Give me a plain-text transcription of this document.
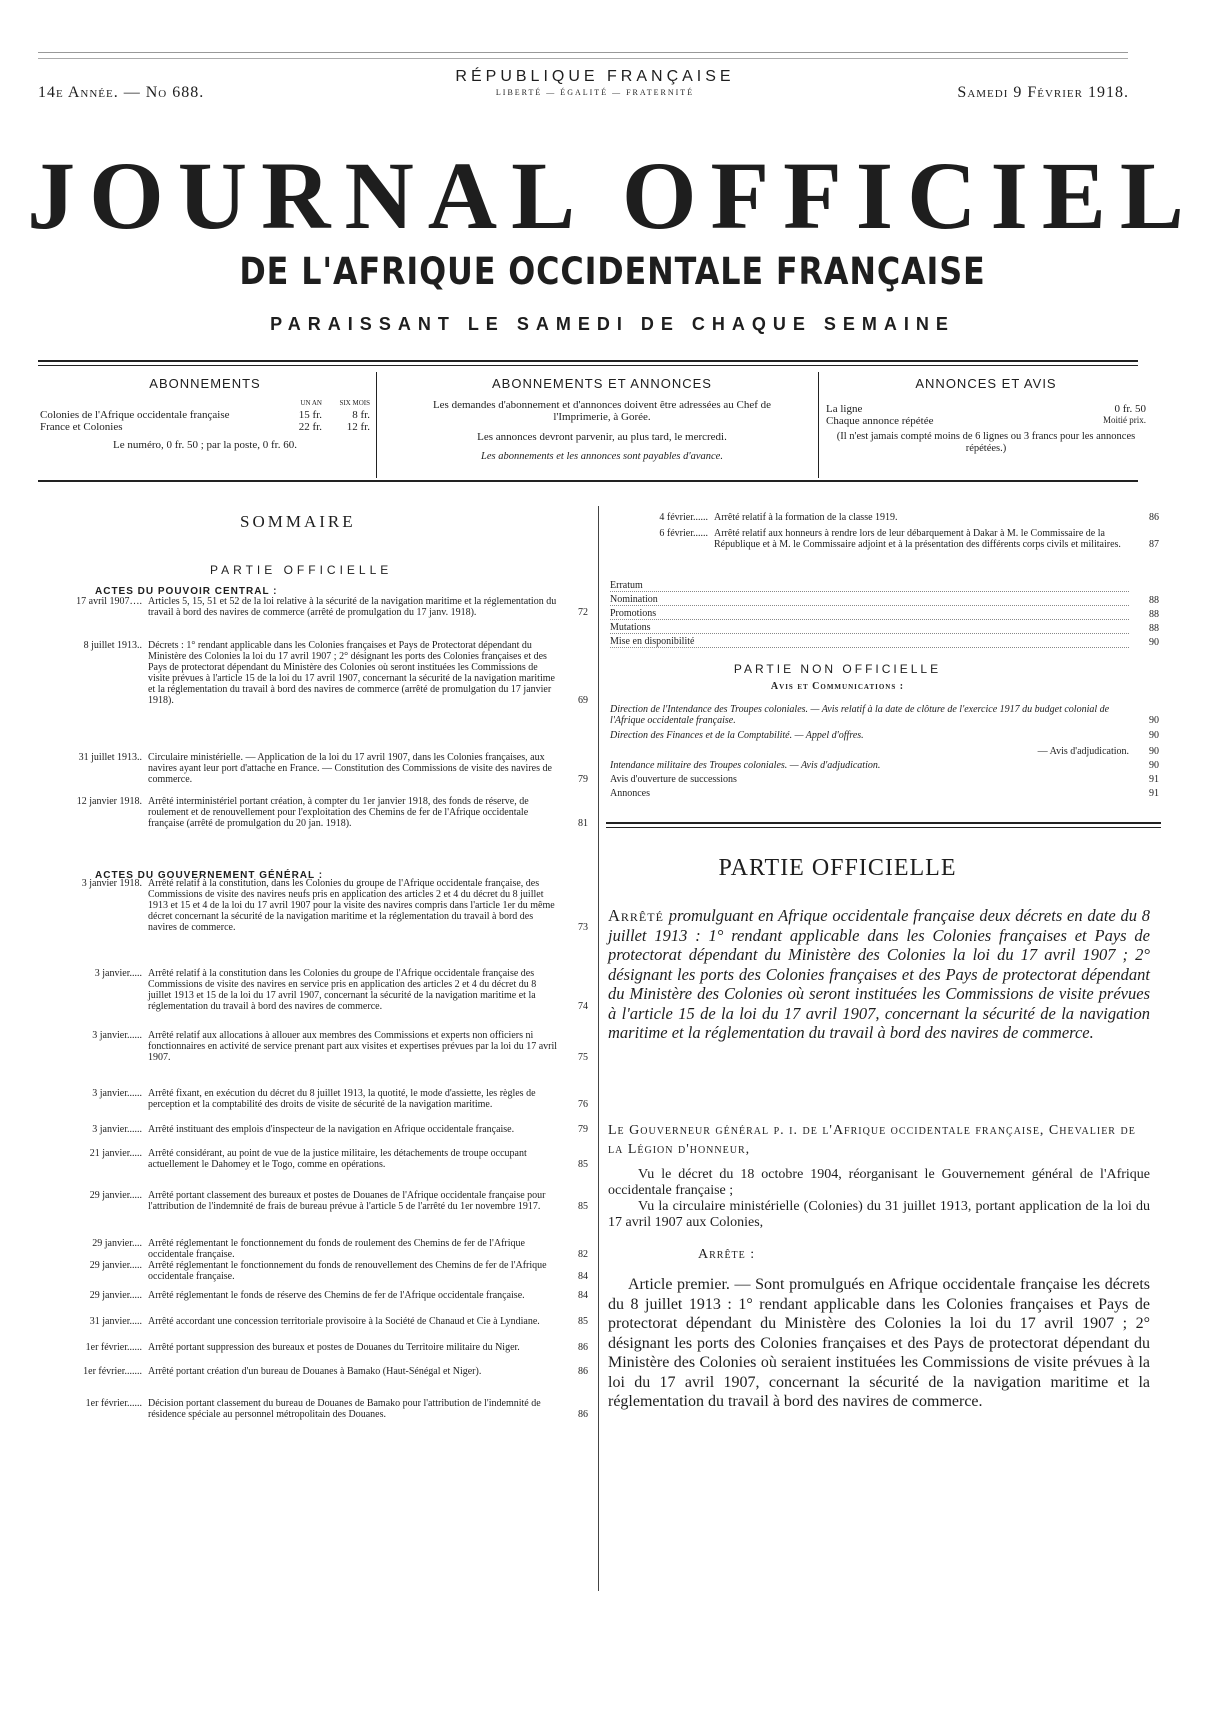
14e Année. — No 688.
RÉPUBLIQUE FRANÇAISE
LIBERTÉ — ÉGALITÉ — FRATERNITÉ	Samedi 9 Février 1918.
JOURNAL OFFICIEL
DE L'AFRIQUE OCCIDENTALE FRANÇAISE
PARAISSANT LE SAMEDI DE CHAQUE SEMAINE
ABONNEMENTS
UN AN	SIX MOIS
Colonies de l'Afrique occidentale française	15 fr.	8 fr.
France et Colonies	22 fr.	12 fr.
Le numéro, 0 fr. 50 ; par la poste, 0 fr. 60.
ABONNEMENTS ET ANNONCES
Les demandes d'abonnement et d'annonces doivent être adressées au Chef de l'Imprimerie, à Gorée.
Les annonces devront parvenir, au plus tard, le mercredi.
Les abonnements et les annonces sont payables d'avance.
ANNONCES ET AVIS
La ligne	0 fr. 50
Chaque annonce répétée	Moitié prix.
(Il n'est jamais compté moins de 6 lignes ou 3 francs pour les annonces répétées.)
SOMMAIRE
PARTIE OFFICIELLE
ACTES DU POUVOIR CENTRAL :
ACTES DU GOUVERNEMENT GÉNÉRAL :
17 avril 1907…. Articles 5, 15, 51 et 52 de la loi relative à la sécurité de la navigation maritime et la réglementation du travail à bord des navires de commerce (arrêté de promulgation du 17 janv. 1918).	72
8 juillet 1913.. Décrets : 1° rendant applicable dans les Colonies françaises et Pays de Protectorat dépendant du Ministère des Colonies la loi du 17 avril 1907 ; 2° désignant les ports des Colonies françaises et des Pays de protectorat dépendant du Ministère des Colonies où seront instituées les Commissions de visite prévues à l'article 15 de la loi du 17 avril 1907, concernant la sécurité de la navigation maritime et la réglementation du travail à bord des navires de commerce (arrêté de promulgation du 17 janvier 1918).	69
31 juillet 1913.. Circulaire ministérielle. — Application de la loi du 17 avril 1907, dans les Colonies françaises, aux navires ayant leur port d'attache en France. — Constitution des Commissions de visite des navires de commerce.	79
12 janvier 1918. Arrêté interministériel portant création, à compter du 1er janvier 1918, des fonds de réserve, de roulement et de renouvellement pour l'exploitation des Chemins de fer de l'Afrique occidentale française (arrêté de promulgation du 20 jan. 1918).	81
3 janvier 1918. Arrêté relatif à la constitution, dans les Colonies du groupe de l'Afrique occidentale française, des Commissions de visite des navires neufs pris en application des articles 2 et 4 du décret du 8 juillet 1913 et 15 et 4 de la loi du 17 avril 1907 pour la visite des navires compris dans l'article 1er du même décret concernant la sécurité de la navigation maritime et la réglementation du travail à bord des navires de commerce.	73
3 janvier..... Arrêté relatif à la constitution dans les Colonies du groupe de l'Afrique occidentale française des Commissions de visite des navires en service pris en application des articles 2 et 4 du décret du 8 juillet 1913 et 15 de la loi du 17 avril 1907, concernant la sécurité de la navigation maritime et la réglementation du travail à bord des navires de commerce.	74
3 janvier...... Arrêté relatif aux allocations à allouer aux membres des Commissions et experts non officiers ni fonctionnaires en activité de service prenant part aux visites et expertises prévues par la loi du 17 avril 1907.	75
3 janvier...... Arrêté fixant, en exécution du décret du 8 juillet 1913, la quotité, le mode d'assiette, les règles de perception et la comptabilité des droits de visite de sécurité de la navigation maritime.	76
3 janvier...... Arrêté instituant des emplois d'inspecteur de la navigation en Afrique occidentale française.	79
21 janvier..... Arrêté considérant, au point de vue de la justice militaire, les détachements de troupe occupant actuellement le Dahomey et le Togo, comme en opérations.	85
29 janvier..... Arrêté portant classement des bureaux et postes de Douanes de l'Afrique occidentale française pour l'attribution de l'indemnité de frais de bureau prévue à l'article 5 de l'arrêté du 1er novembre 1917.	85
29 janvier.... Arrêté réglementant le fonctionnement du fonds de roulement des Chemins de fer de l'Afrique occidentale française.	82
29 janvier..... Arrêté réglementant le fonctionnement du fonds de renouvellement des Chemins de fer de l'Afrique occidentale française.	84
29 janvier..... Arrêté réglementant le fonds de réserve des Chemins de fer de l'Afrique occidentale française.	84
31 janvier..... Arrêté accordant une concession territoriale provisoire à la Société de Chanaud et Cie à Lyndiane.	85
1er février...... Arrêté portant suppression des bureaux et postes de Douanes du Territoire militaire du Niger.	86
1er février....... Arrêté portant création d'un bureau de Douanes à Bamako (Haut-Sénégal et Niger).	86
1er février...... Décision portant classement du bureau de Douanes de Bamako pour l'attribution de l'indemnité de résidence spéciale au personnel métropolitain des Douanes.	86
4 février...... Arrêté relatif à la formation de la classe 1919.	86
6 février...... Arrêté relatif aux honneurs à rendre lors de leur débarquement à Dakar à M. le Commissaire de la République et à M. le Commissaire adjoint et à la présentation des différents corps civils et militaires.	87
Erratum
Nomination	88
Promotions	88
Mutations	88
Mise en disponibilité	90
Direction de l'Intendance des Troupes coloniales. — Avis relatif à la date de clôture de l'exercice 1917 du budget colonial de l'Afrique occidentale française.	90
Direction des Finances et de la Comptabilité. — Appel d'offres.	90
— Avis d'adjudication.	90
Intendance militaire des Troupes coloniales. — Avis d'adjudication.	90
Avis d'ouverture de successions	91
Annonces	91
PARTIE NON OFFICIELLE
Avis et Communications :
PARTIE OFFICIELLE
Arrêté promulguant en Afrique occidentale française deux décrets en date du 8 juillet 1913 : 1° rendant applicable dans les Colonies françaises et Pays de protectorat dépendant du Ministère des Colonies la loi du 17 avril 1907 ; 2° désignant les ports des Colonies françaises et des Pays de protectorat dépendant du Ministère des Colonies où seront instituées les Commissions de visite prévues à l'article 15 de la loi du 17 avril 1907, concernant la sécurité de la navigation maritime et la réglementation du travail à bord des navires de commerce.
Le Gouverneur général p. i. de l'Afrique occidentale française, Chevalier de la Légion d'honneur,
Vu le décret du 18 octobre 1904, réorganisant le Gouvernement général de l'Afrique occidentale française ;
Vu la circulaire ministérielle (Colonies) du 31 juillet 1913, portant application de la loi du 17 avril 1907 aux Colonies,
Arrête :
Article premier. — Sont promulgués en Afrique occidentale française les décrets du 8 juillet 1913 : 1° rendant applicable dans les Colonies françaises et Pays de protectorat dépendant du Ministère des Colonies la loi du 17 avril 1907 ; 2° désignant les ports des Colonies françaises et des Pays de protectorat dépendant du Ministère des Colonies où seraient instituées les Commissions de visite prévues à la loi du 17 avril 1907, concernant la sécurité de la navigation maritime et la réglementation du travail à bord des navires de commerce.
